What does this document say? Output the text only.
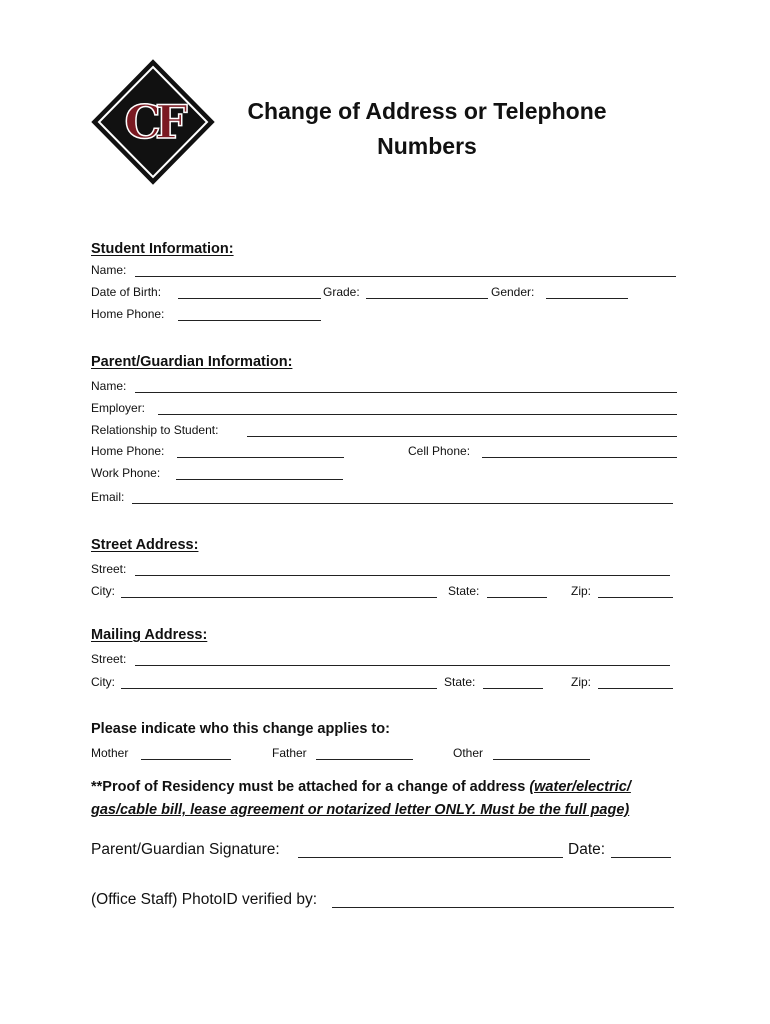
CF	Change of Address or Telephone
Numbers
Student Information:
Name:
Date of Birth:	Grade:	Gender:
Home Phone:
Parent/Guardian Information:
Name:
Employer:
Relationship to Student:
Home Phone:	Cell Phone:
Work Phone:
Email:
Street Address:
Street:
City:	State:	Zip:
Mailing Address:
Street:
City:	State:	Zip:
Please indicate who this change applies to:
Mother	Father	Other
**Proof of Residency must be attached for a change of address (water/electric/ gas/cable bill, lease agreement or notarized letter ONLY. Must be the full page)
Parent/Guardian Signature:	Date:
(Office Staff) PhotoID verified by:
